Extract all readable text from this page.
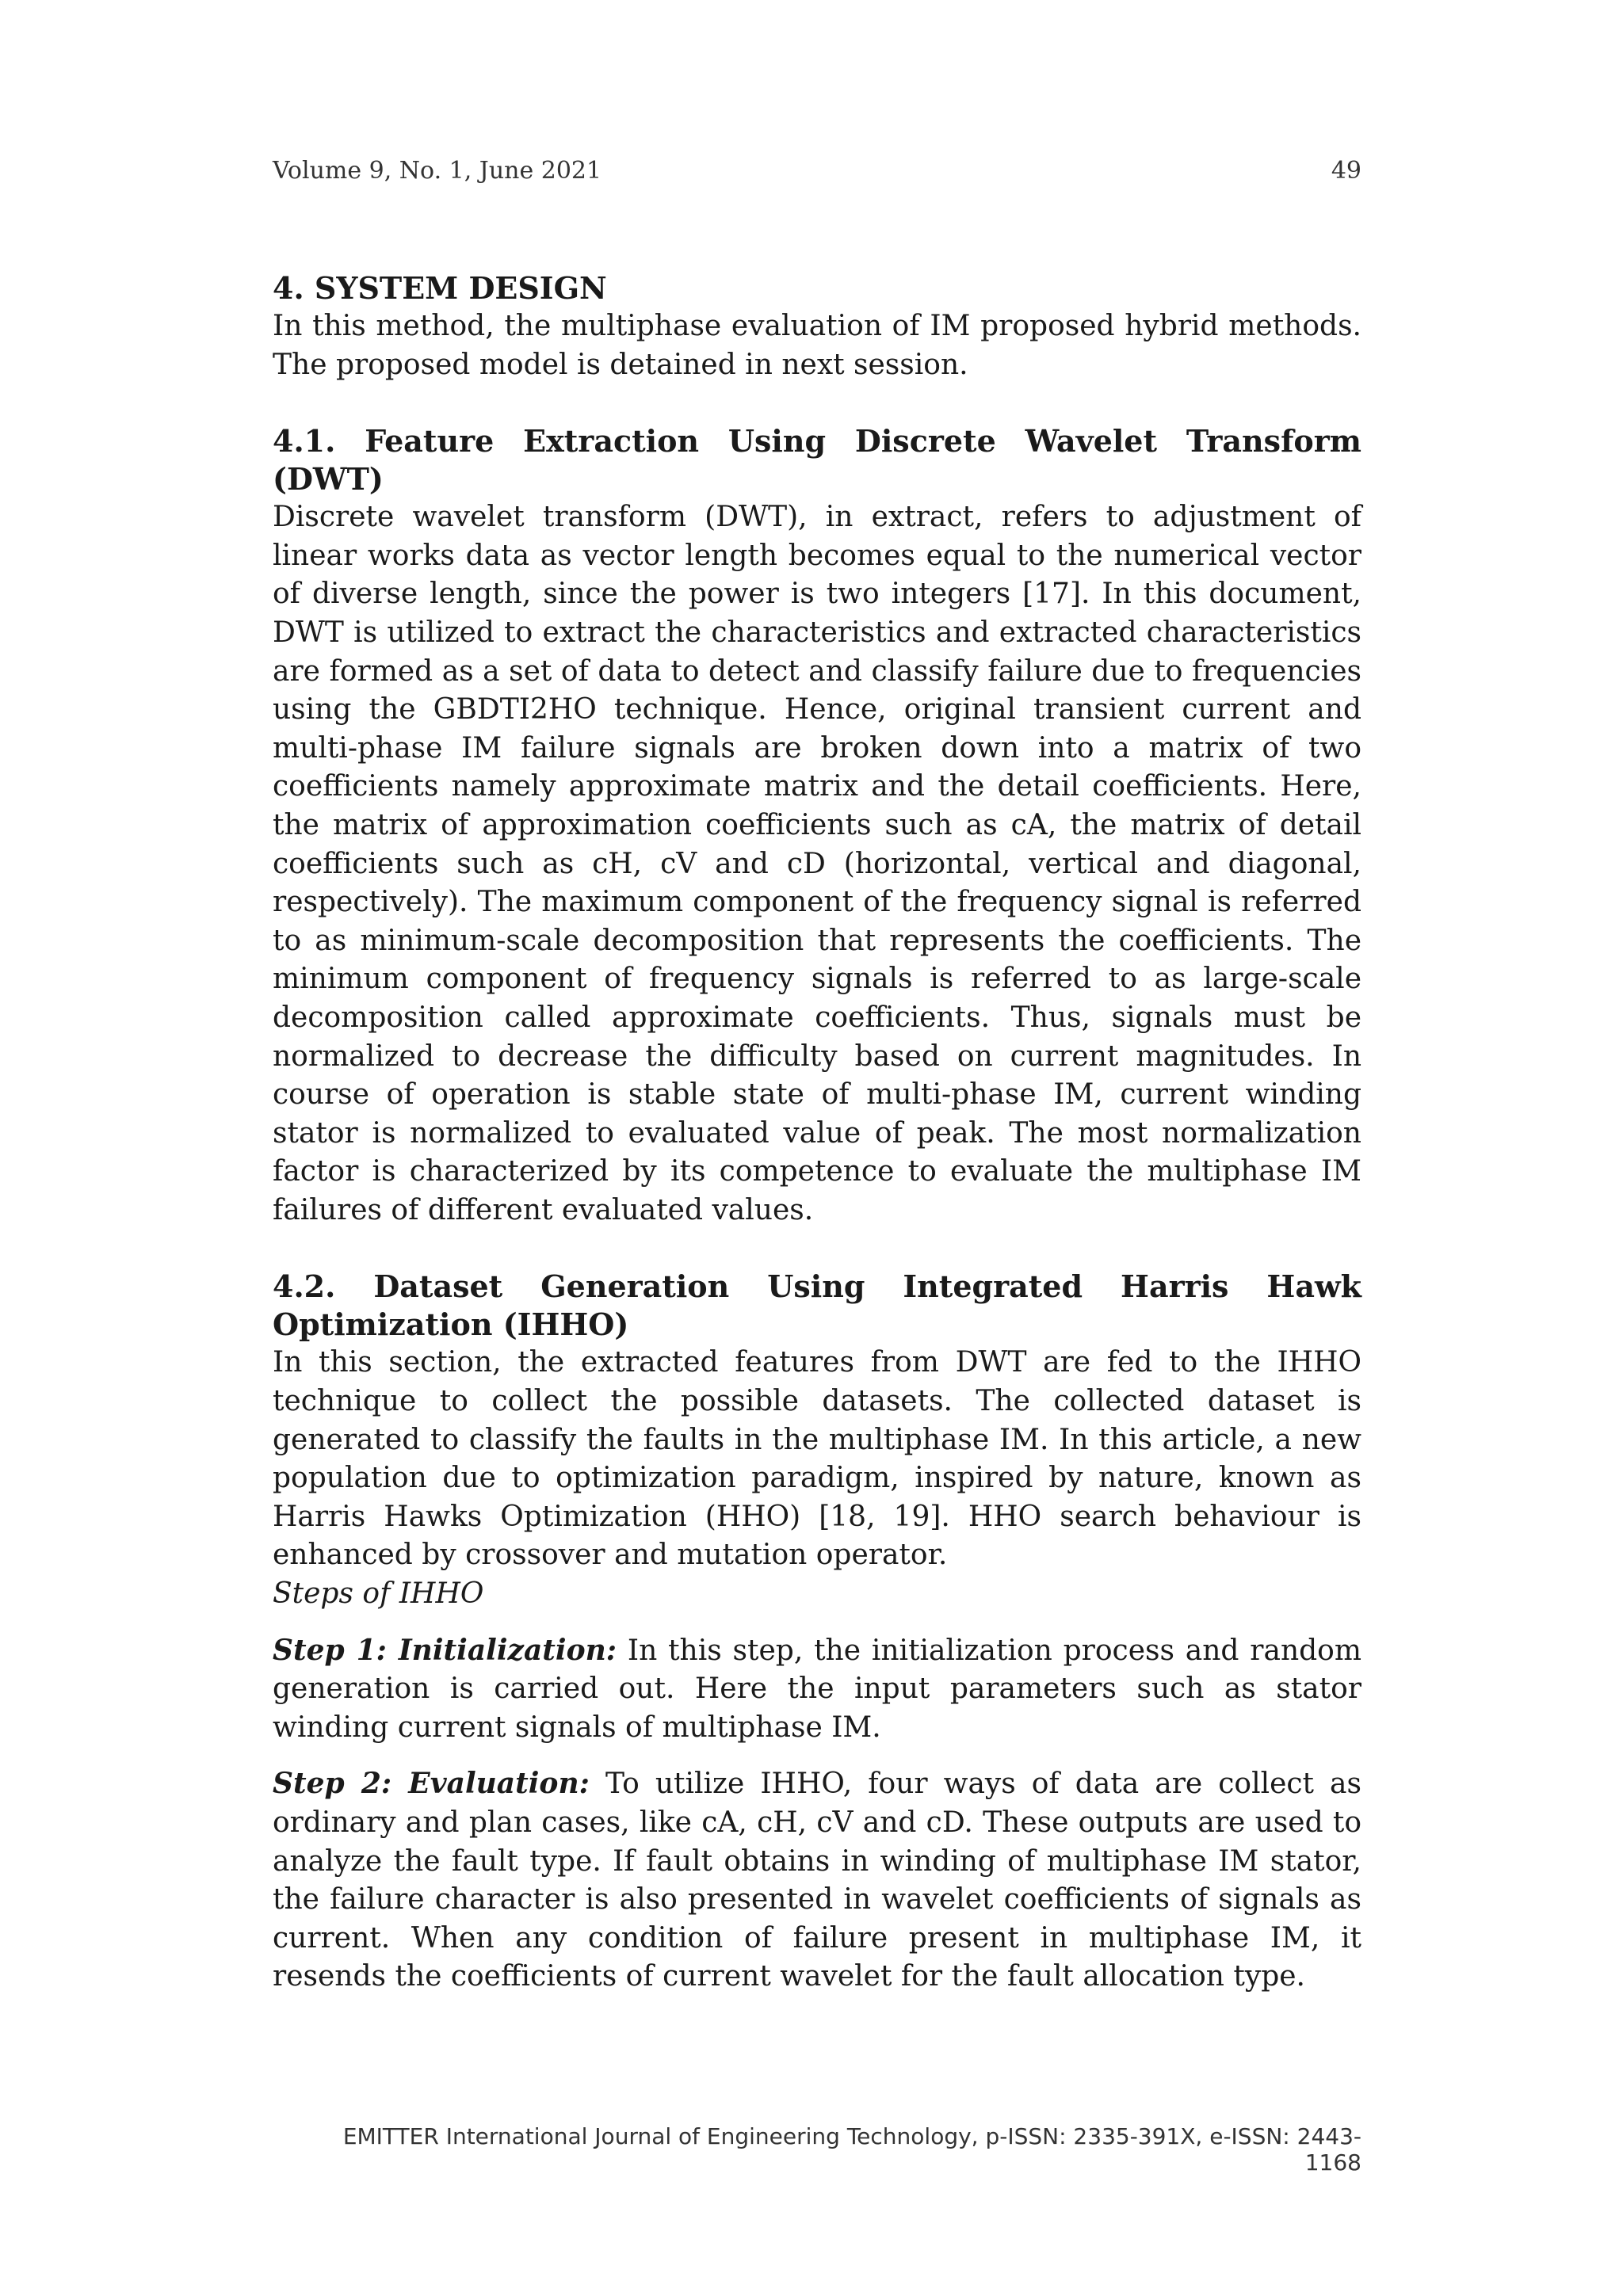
Volume 9, No. 1, June 2021	49
4. SYSTEM DESIGN

In this method, the multiphase evaluation of IM proposed hybrid methods. The proposed model is detained in next session.

4.1. Feature Extraction Using Discrete Wavelet Transform (DWT)

Discrete wavelet transform (DWT), in extract, refers to adjustment of linear works data as vector length becomes equal to the numerical vector of diverse length, since the power is two integers [17]. In this document, DWT is utilized to extract the characteristics and extracted characteristics are formed as a set of data to detect and classify failure due to frequencies using the GBDTI2HO technique. Hence, original transient current and multi-phase IM failure signals are broken down into a matrix of two coefficients namely approximate matrix and the detail coefficients. Here, the matrix of approximation coefficients such as cA, the matrix of detail coefficients such as cH, cV and cD (horizontal, vertical and diagonal, respectively). The maximum component of the frequency signal is referred to as minimum-scale decomposition that represents the coefficients. The minimum component of frequency signals is referred to as large-scale decomposition called approximate coefficients. Thus, signals must be normalized to decrease the difficulty based on current magnitudes. In course of operation is stable state of multi-phase IM, current winding stator is normalized to evaluated value of peak. The most normalization factor is characterized by its competence to evaluate the multiphase IM failures of different evaluated values.

4.2. Dataset Generation Using Integrated Harris Hawk Optimization (IHHO)

In this section, the extracted features from DWT are fed to the IHHO technique to collect the possible datasets. The collected dataset is generated to classify the faults in the multiphase IM. In this article, a new population due to optimization paradigm, inspired by nature, known as Harris Hawks Optimization (HHO) [18, 19]. HHO search behaviour is enhanced by crossover and mutation operator.

Steps of IHHO

Step 1: Initialization: In this step, the initialization process and random generation is carried out. Here the input parameters such as stator winding current signals of multiphase IM.

Step 2: Evaluation: To utilize IHHO, four ways of data are collect as ordinary and plan cases, like cA, cH, cV and cD. These outputs are used to analyze the fault type. If fault obtains in winding of multiphase IM stator, the failure character is also presented in wavelet coefficients of signals as current. When any condition of failure present in multiphase IM, it resends the coefficients of current wavelet for the fault allocation type.

EMITTER International Journal of Engineering Technology, p-ISSN: 2335-391X, e-ISSN: 2443-1168
